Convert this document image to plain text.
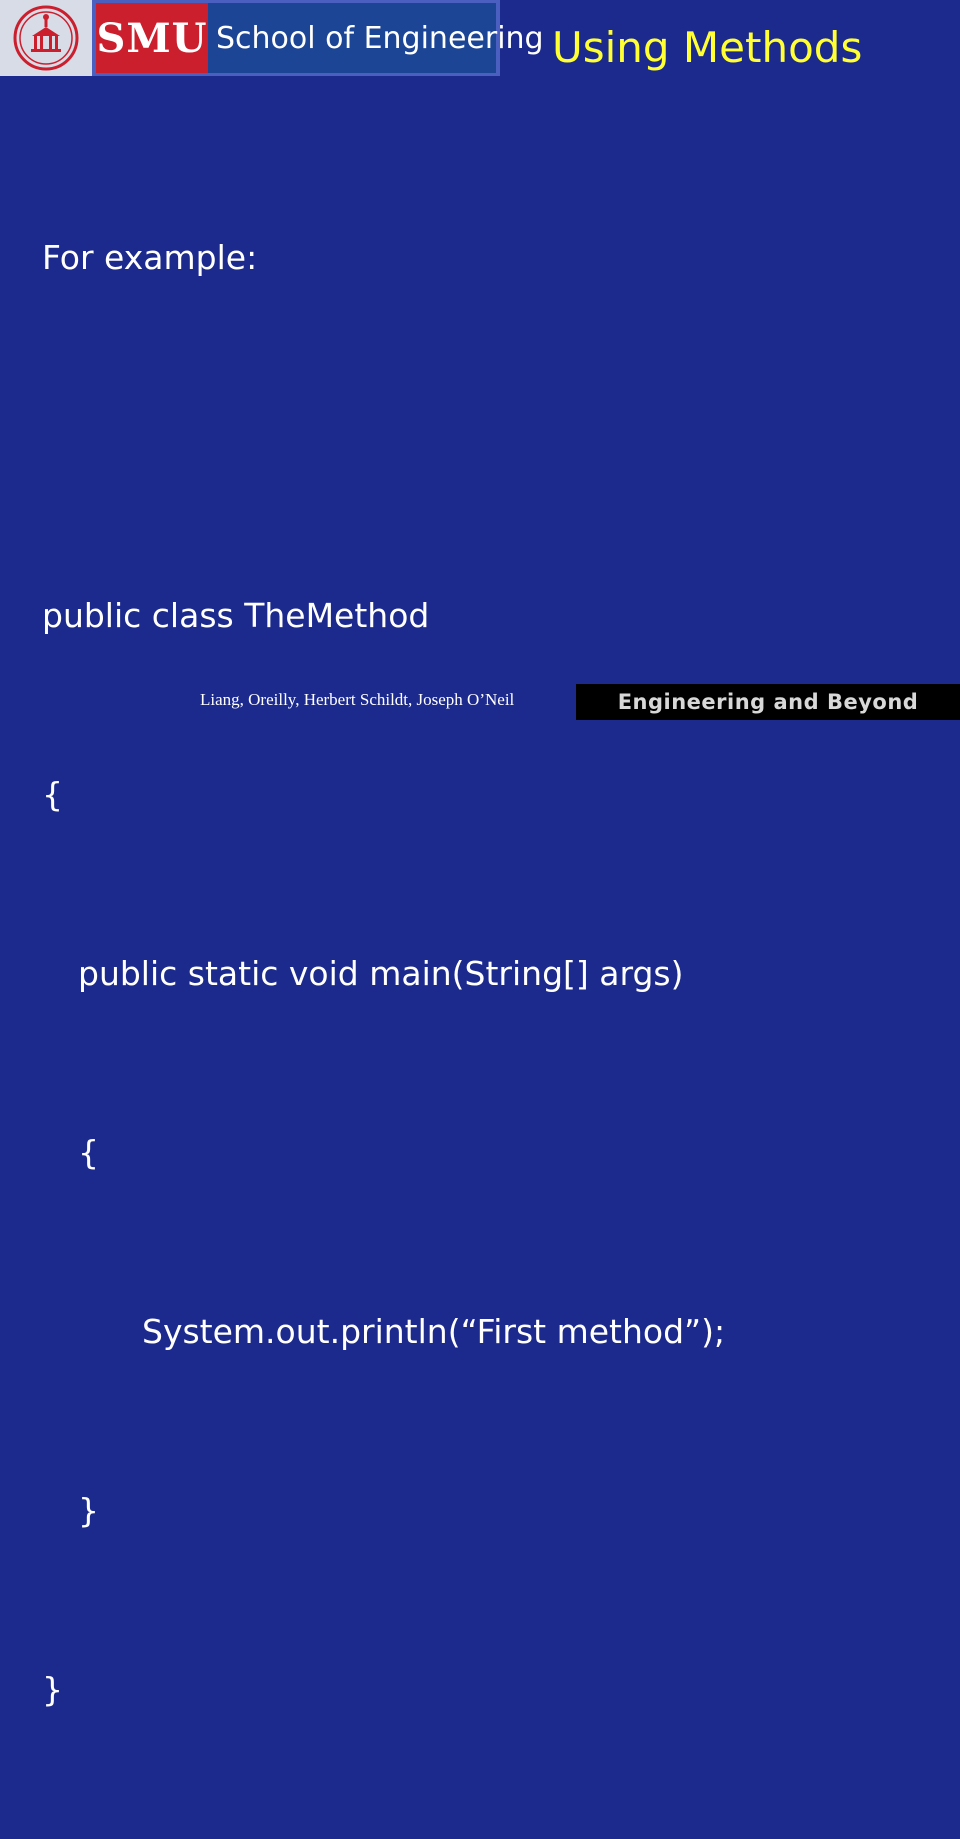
SMU School of Engineering Using Methods

For example:

public class TheMethod

{

public static void main(String[] args)

{

System.out.println(“First method”);

}

}

Liang, Oreilly, Herbert Schildt, Joseph O’Neil	Engineering and Beyond
